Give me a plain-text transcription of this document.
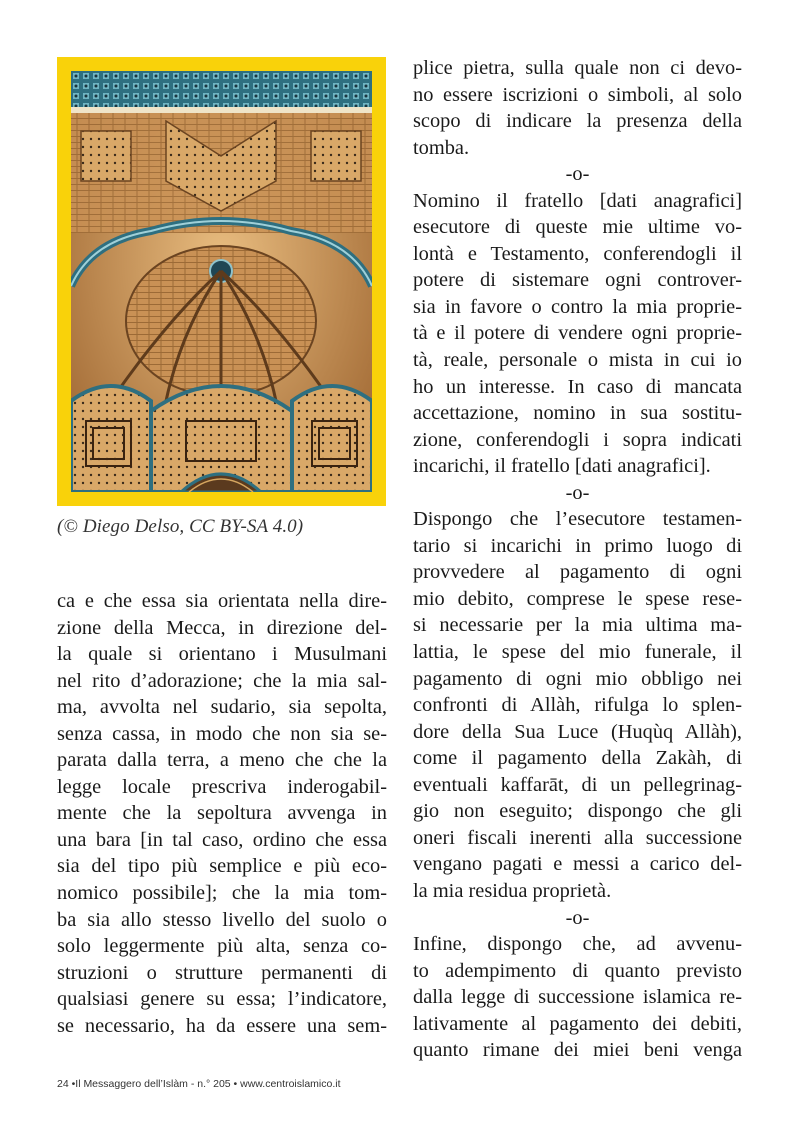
(© Diego Delso, CC BY-SA 4.0)
ca e che essa sia orientata nella dire-
zione della Mecca, in direzione del-
la quale si orientano i Musulmani
nel rito d’adorazione; che la mia sal-
ma, avvolta nel sudario, sia sepolta,
senza cassa, in modo che non sia se-
parata dalla terra, a meno che che la
legge locale prescriva inderogabil-
mente che la sepoltura avvenga in
una bara [in tal caso, ordino che essa
sia del tipo più semplice e più eco-
nomico possibile]; che la mia tom-
ba sia allo stesso livello del suolo o
solo leggermente più alta, senza co-
struzioni o strutture permanenti di
qualsiasi genere su essa; l’indicatore,
se necessario, ha da essere una sem-
plice pietra, sulla quale non ci devo-
no essere iscrizioni o simboli, al solo
scopo di indicare la presenza della
tomba.
-o-
Nomino il fratello [dati anagrafici]
esecutore di queste mie ultime vo-
lontà e Testamento, conferendogli il
potere di sistemare ogni controver-
sia in favore o contro la mia proprie-
tà e il potere di vendere ogni proprie-
tà, reale, personale o mista in cui io
ho un interesse. In caso di mancata
accettazione, nomino in sua sostitu-
zione, conferendogli i sopra indicati
incarichi, il fratello [dati anagrafici].
-o-
Dispongo che l’esecutore testamen-
tario si incarichi in primo luogo di
provvedere al pagamento di ogni
mio debito, comprese le spese rese-
si necessarie per la mia ultima ma-
lattia, le spese del mio funerale, il
pagamento di ogni mio obbligo nei
confronti di Allàh, rifulga lo splen-
dore della Sua Luce (Huqùq Allàh),
come il pagamento della Zakàh, di
eventuali kaffarāt, di un pellegrinag-
gio non eseguito; dispongo che gli
oneri fiscali inerenti alla successione
vengano pagati e messi a carico del-
la mia residua proprietà.
-o-
Infine, dispongo che, ad avvenu-
to adempimento di quanto previsto
dalla legge di successione islamica re-
lativamente al pagamento dei debiti,
quanto rimane dei miei beni venga
24 •Il Messaggero dell’Islàm - n.° 205 • www.centroislamico.it
